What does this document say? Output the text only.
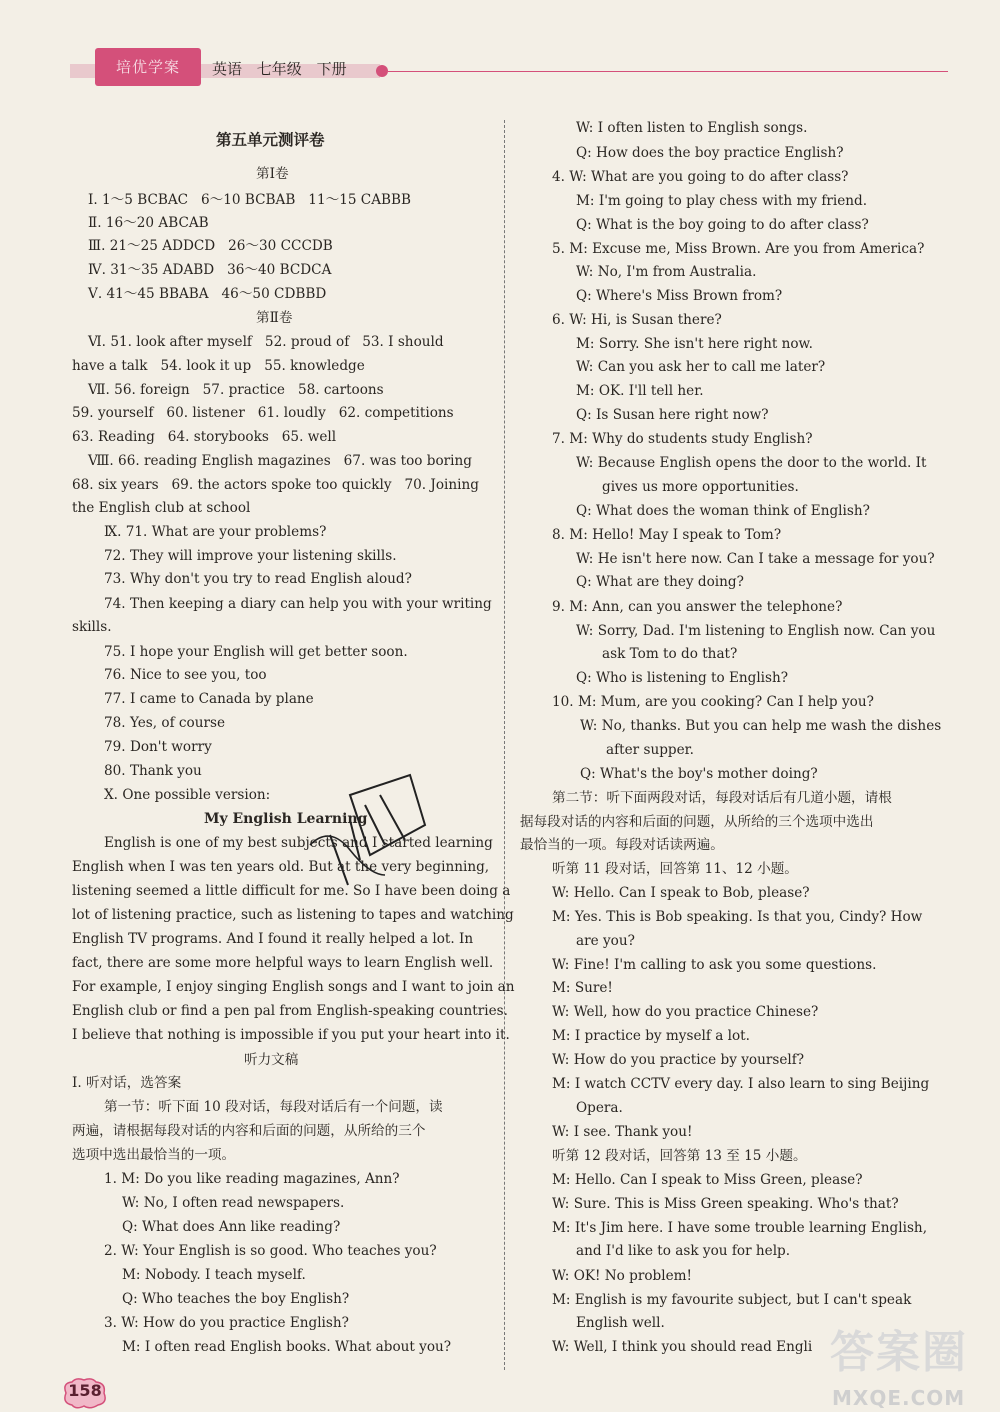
培优学案	英语 七年级 下册
第五单元测评卷
第Ⅰ卷
Ⅰ. 1～5 BCBAC   6～10 BCBAB   11～15 CABBB
Ⅱ. 16～20 ABCAB
Ⅲ. 21～25 ADDCD   26～30 CCCDB
Ⅳ. 31～35 ADABD   36～40 BCDCA
Ⅴ. 41～45 BBABA   46～50 CDBBD
第Ⅱ卷
Ⅵ. 51. look after myself   52. proud of   53. I should
have a talk   54. look it up   55. knowledge
Ⅶ. 56. foreign   57. practice   58. cartoons
59. yourself   60. listener   61. loudly   62. competitions
63. Reading   64. storybooks   65. well
Ⅷ. 66. reading English magazines   67. was too boring
68. six years   69. the actors spoke too quickly   70. Joining
the English club at school
Ⅸ. 71. What are your problems?
72. They will improve your listening skills.
73. Why don't you try to read English aloud?
74. Then keeping a diary can help you with your writing
skills.
75. I hope your English will get better soon.
76. Nice to see you, too
77. I came to Canada by plane
78. Yes, of course
79. Don't worry
80. Thank you
Ⅹ. One possible version:
My English Learning
English is one of my best subjects and I started learning
English when I was ten years old. But at the very beginning,
listening seemed a little difficult for me. So I have been doing a
lot of listening practice, such as listening to tapes and watching
English TV programs. And I found it really helped a lot. In
fact, there are some more helpful ways to learn English well.
For example, I enjoy singing English songs and I want to join an
English club or find a pen pal from English-speaking countries.
I believe that nothing is impossible if you put your heart into it.
听力文稿
Ⅰ. 听对话，选答案
第一节：听下面 10 段对话，每段对话后有一个问题，读
两遍，请根据每段对话的内容和后面的问题，从所给的三个
选项中选出最恰当的一项。
1. M: Do you like reading magazines, Ann?
W: No, I often read newspapers.
Q: What does Ann like reading?
2. W: Your English is so good. Who teaches you?
M: Nobody. I teach myself.
Q: Who teaches the boy English?
3. W: How do you practice English?
M: I often read English books. What about you?
W: I often listen to English songs.
Q: How does the boy practice English?
4. W: What are you going to do after class?
M: I'm going to play chess with my friend.
Q: What is the boy going to do after class?
5. M: Excuse me, Miss Brown. Are you from America?
W: No, I'm from Australia.
Q: Where's Miss Brown from?
6. W: Hi, is Susan there?
M: Sorry. She isn't here right now.
W: Can you ask her to call me later?
M: OK. I'll tell her.
Q: Is Susan here right now?
7. M: Why do students study English?
W: Because English opens the door to the world. It
gives us more opportunities.
Q: What does the woman think of English?
8. M: Hello! May I speak to Tom?
W: He isn't here now. Can I take a message for you?
Q: What are they doing?
9. M: Ann, can you answer the telephone?
W: Sorry, Dad. I'm listening to English now. Can you
ask Tom to do that?
Q: Who is listening to English?
10. M: Mum, are you cooking? Can I help you?
W: No, thanks. But you can help me wash the dishes
after supper.
Q: What's the boy's mother doing?
第二节：听下面两段对话，每段对话后有几道小题，请根
据每段对话的内容和后面的问题，从所给的三个选项中选出
最恰当的一项。每段对话读两遍。
听第 11 段对话，回答第 11、12 小题。
W: Hello. Can I speak to Bob, please?
M: Yes. This is Bob speaking. Is that you, Cindy? How
are you?
W: Fine! I'm calling to ask you some questions.
M: Sure!
W: Well, how do you practice Chinese?
M: I practice by myself a lot.
W: How do you practice by yourself?
M: I watch CCTV every day. I also learn to sing Beijing
Opera.
W: I see. Thank you!
听第 12 段对话，回答第 13 至 15 小题。
M: Hello. Can I speak to Miss Green, please?
W: Sure. This is Miss Green speaking. Who's that?
M: It's Jim here. I have some trouble learning English,
and I'd like to ask you for help.
W: OK! No problem!
M: English is my favourite subject, but I can't speak
English well.
W: Well, I think you should read Engli
158
答案圈
MXQE.COM
